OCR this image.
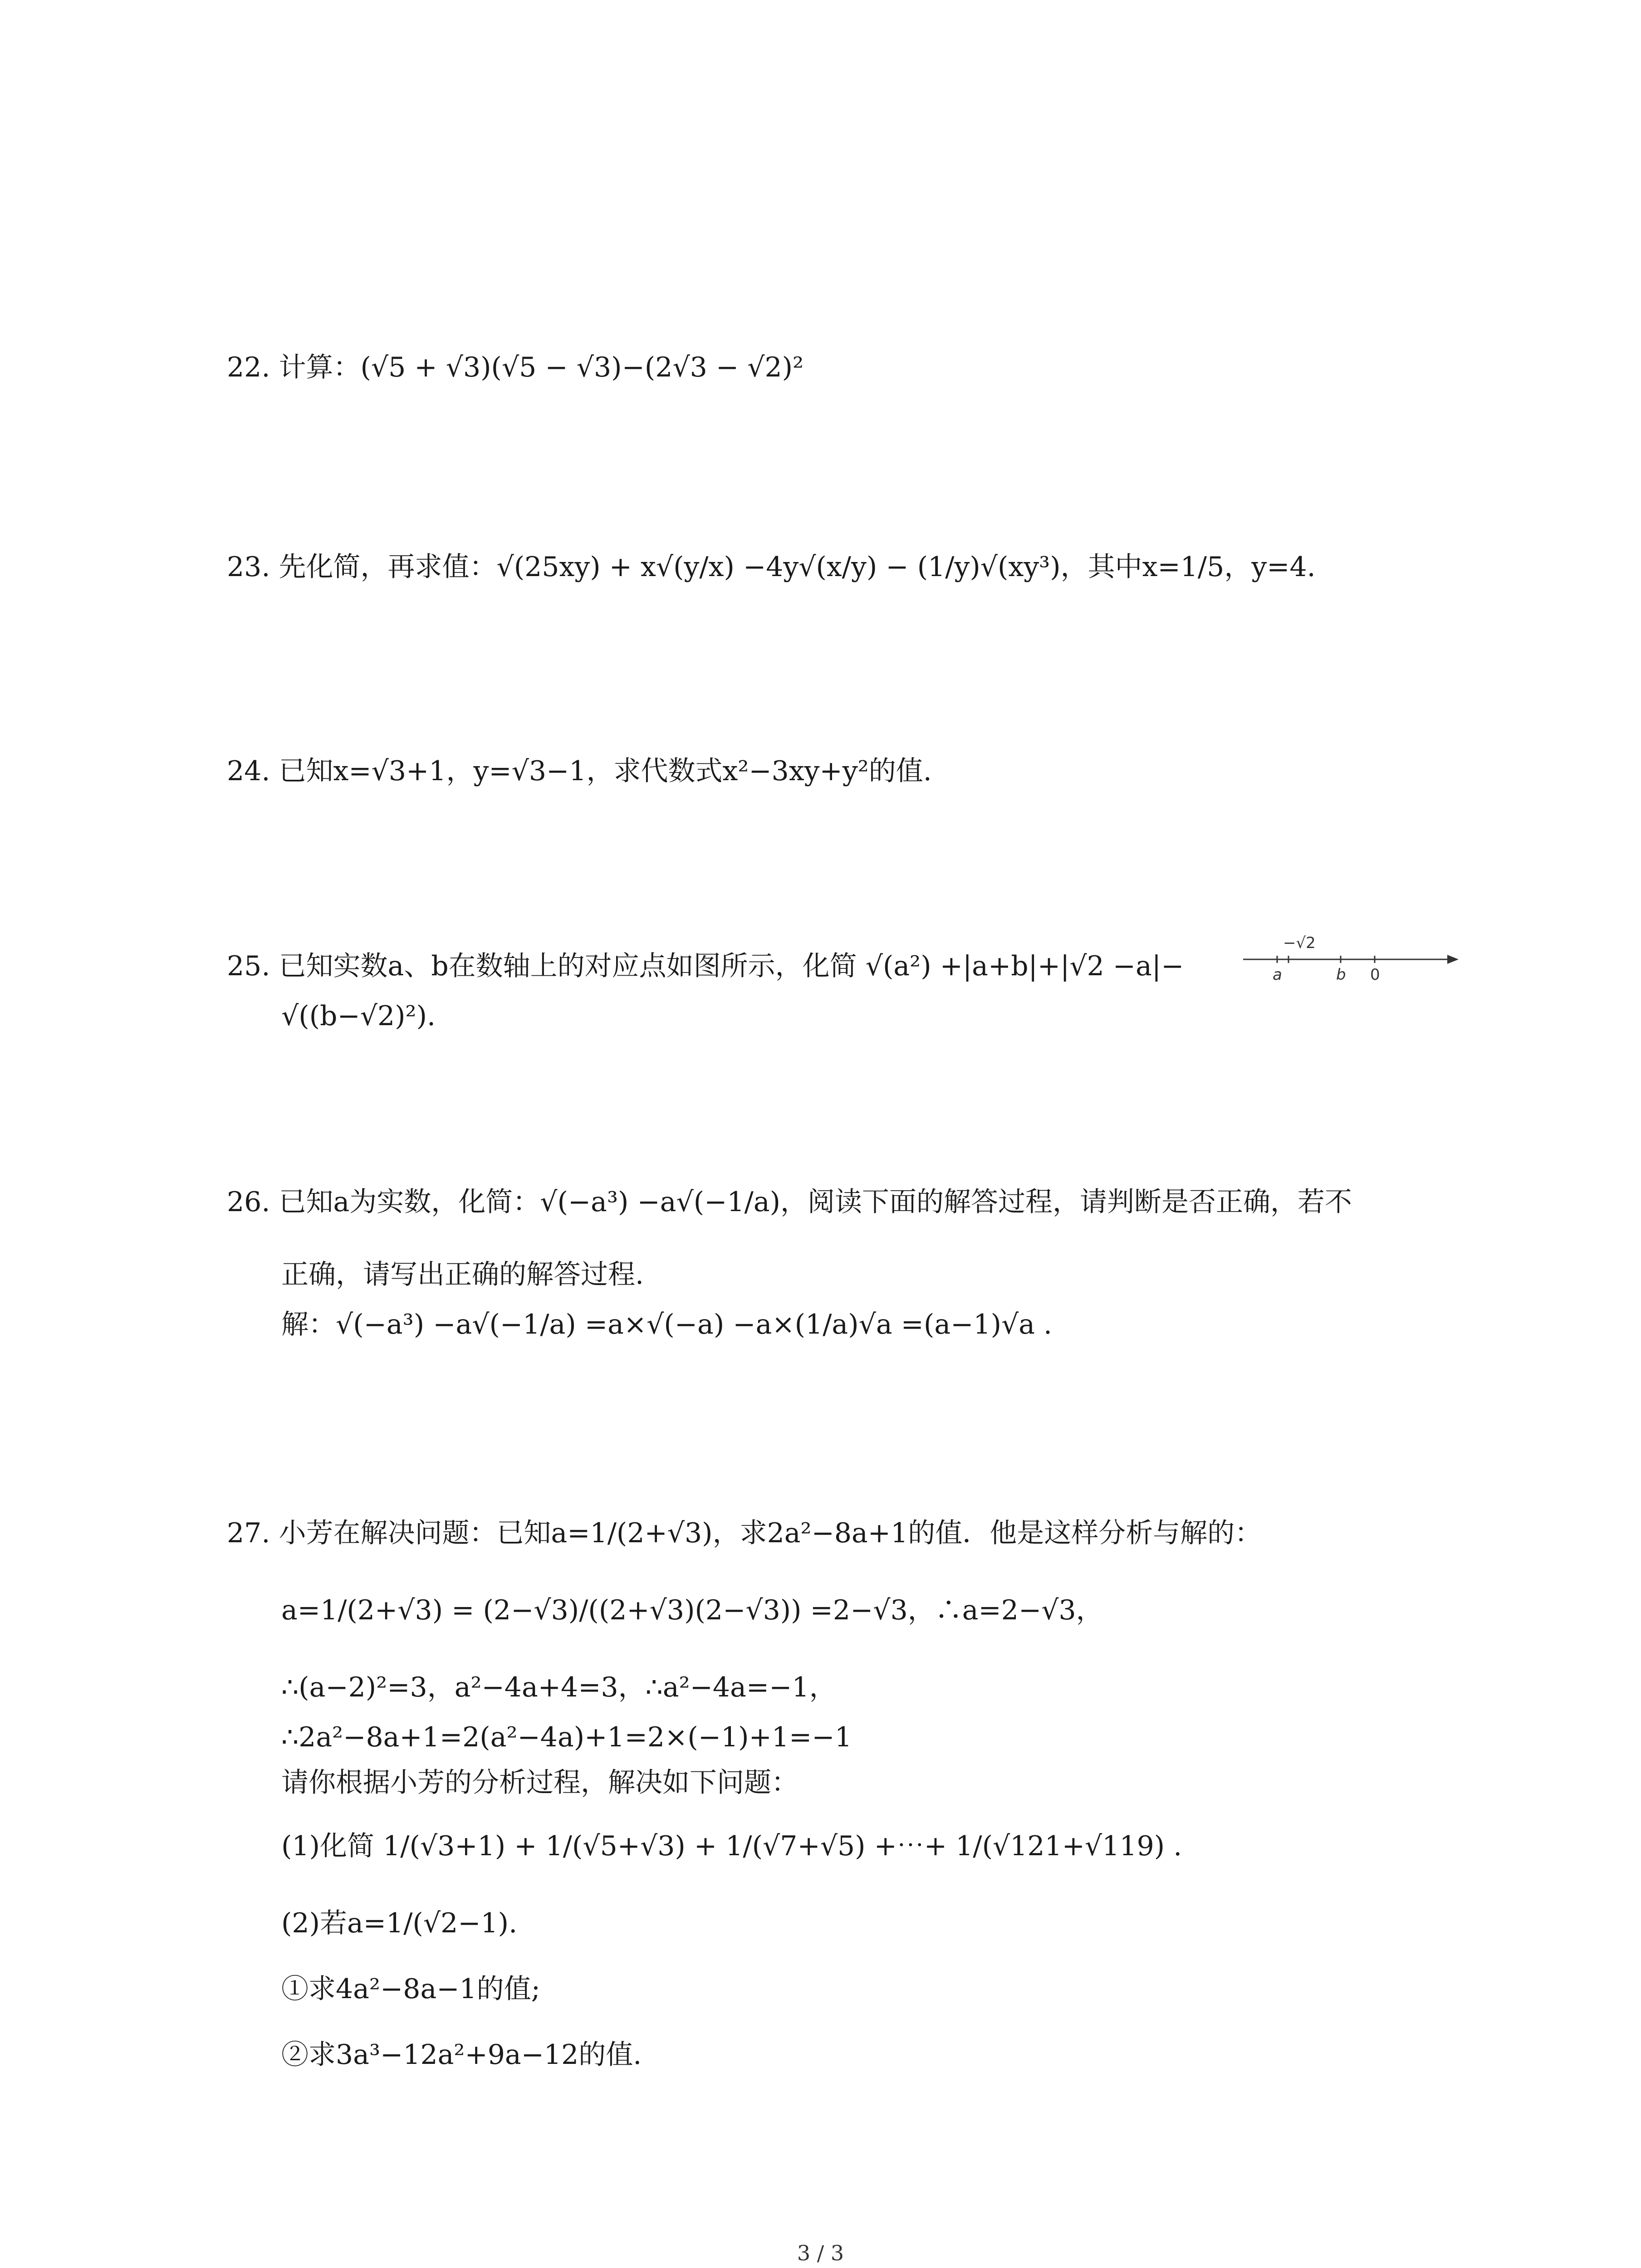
22. 计算：(√5 + √3)(√5 − √3)−(2√3 − √2)²
23. 先化简，再求值：√(25xy) + x√(y/x) −4y√(x/y) − (1/y)√(xy³)，其中x=1/5，y=4.
24. 已知x=√3+1，y=√3−1，求代数式x²−3xy+y²的值.
25. 已知实数a、b在数轴上的对应点如图所示，化简 √(a²) +|a+b|+|√2 −a|−
√((b−√2)²).
−√2
a	b 0
26. 已知a为实数，化简：√(−a³) −a√(−1/a)，阅读下面的解答过程，请判断是否正确，若不
正确，请写出正确的解答过程.
解：√(−a³) −a√(−1/a) =a×√(−a) −a×(1/a)√a =(a−1)√a .
27. 小芳在解决问题：已知a=1/(2+√3)，求2a²−8a+1的值．他是这样分析与解的：
a=1/(2+√3) = (2−√3)/((2+√3)(2−√3)) =2−√3，∴a=2−√3，
∴(a−2)²=3，a²−4a+4=3，∴a²−4a=−1，
∴2a²−8a+1=2(a²−4a)+1=2×(−1)+1=−1
请你根据小芳的分析过程，解决如下问题：
(1)化简 1/(√3+1) + 1/(√5+√3) + 1/(√7+√5) +⋯+ 1/(√121+√119) .
(2)若a=1/(√2−1).
①求4a²−8a−1的值;
②求3a³−12a²+9a−12的值.
3 / 3
